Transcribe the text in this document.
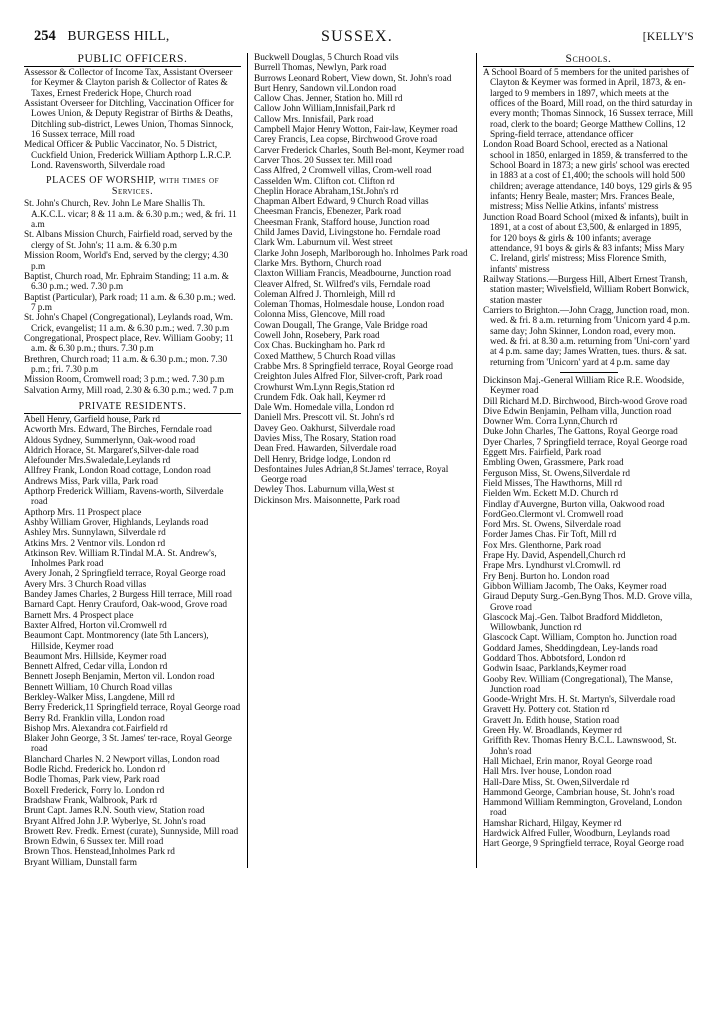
254 BURGESS HILL,	SUSSEX.	[KELLY'S
PUBLIC OFFICERS.

Assessor & Collector of Income Tax, Assistant Overseer for Keymer & Clayton parish & Collector of Rates & Taxes, Ernest Frederick Hope, Church road

Assistant Overseer for Ditchling, Vaccination Officer for Lowes Union, & Deputy Registrar of Births & Deaths, Ditchling sub-district, Lewes Union, Thomas Sinnock, 16 Sussex terrace, Mill road

Medical Officer & Public Vaccinator, No. 5 District, Cuckfield Union, Frederick William Apthorp L.R.C.P. Lond. Ravensworth, Silverdale road

PLACES OF WORSHIP, with times of Services.

St. John's Church, Rev. John Le Mare Shallis Th. A.K.C.L. vicar; 8 & 11 a.m. & 6.30 p.m.; wed, & fri. 11 a.m

St. Albans Mission Church, Fairfield road, served by the clergy of St. John's; 11 a.m. & 6.30 p.m

Mission Room, World's End, served by the clergy; 4.30 p.m

Baptist, Church road, Mr. Ephraim Standing; 11 a.m. & 6.30 p.m.; wed. 7.30 p.m

Baptist (Particular), Park road; 11 a.m. & 6.30 p.m.; wed. 7 p.m

St. John's Chapel (Congregational), Leylands road, Wm. Crick, evangelist; 11 a.m. & 6.30 p.m.; wed. 7.30 p.m

Congregational, Prospect place, Rev. William Gooby; 11 a.m. & 6.30 p.m.; thurs. 7.30 p.m

Brethren, Church road; 11 a.m. & 6.30 p.m.; mon. 7.30 p.m.; fri. 7.30 p.m

Mission Room, Cromwell road; 3 p.m.; wed. 7.30 p.m

Salvation Army, Mill road, 2.30 & 6.30 p.m.; wed. 7 p.m

PRIVATE RESIDENTS.

Abell Henry, Garfield house, Park rd

Acworth Mrs. Edward, The Birches, Ferndale road

Aldous Sydney, Summerlynn, Oak-wood road

Aldrich Horace, St. Margaret's,Silver-dale road

Alefounder Mrs.Swaledale,Leylands rd

Allfrey Frank, London Road cottage, London road

Andrews Miss, Park villa, Park road

Apthorp Frederick William, Ravens-worth, Silverdale road

Apthorp Mrs. 11 Prospect place

Ashby William Grover, Highlands, Leylands road

Ashley Mrs. Sunnylawn, Silverdale rd

Atkins Mrs. 2 Ventnor vils. London rd

Atkinson Rev. William R.Tindal M.A. St. Andrew's, Inholmes Park road

Avery Jonah, 2 Springfield terrace, Royal George road

Avery Mrs. 3 Church Road villas

Bandey James Charles, 2 Burgess Hill terrace, Mill road

Barnard Capt. Henry Crauford, Oak-wood, Grove road

Barnett Mrs. 4 Prospect place

Baxter Alfred, Horton vil.Cromwell rd

Beaumont Capt. Montmorency (late 5th Lancers), Hillside, Keymer road

Beaumont Mrs. Hillside, Keymer road

Bennett Alfred, Cedar villa, London rd

Bennett Joseph Benjamin, Merton vil. London road

Bennett William, 10 Church Road villas

Berkley-Walker Miss, Langdene, Mill rd

Berry Frederick,11 Springfield terrace, Royal George road

Berry Rd. Franklin villa, London road

Bishop Mrs. Alexandra cot.Fairfield rd

Blaker John George, 3 St. James' ter-race, Royal George road

Blanchard Charles N. 2 Newport villas, London road

Bodle Richd. Frederick ho. London rd

Bodle Thomas, Park view, Park road

Boxell Frederick, Forry lo. London rd

Bradshaw Frank, Walbrook, Park rd

Brunt Capt. James R.N. South view, Station road

Bryant Alfred John J.P. Wyberlye, St. John's road

Browett Rev. Fredk. Ernest (curate), Sunnyside, Mill road

Brown Edwin, 6 Sussex ter. Mill road

Brown Thos. Henstead,Inholmes Park rd

Bryant William, Dunstall farm

Buckwell Douglas, 5 Church Road vils

Burrell Thomas, Newlyn, Park road

Burrows Leonard Robert, View down, St. John's road

Burt Henry, Sandown vil.London road

Callow Chas. Jenner, Station ho. Mill rd

Callow John William,Innisfail,Park rd

Callow Mrs. Innisfail, Park road

Campbell Major Henry Wotton, Fair-law, Keymer road

Carey Francis, Lea copse, Birchwood Grove road

Carver Frederick Charles, South Bel-mont, Keymer road

Carver Thos. 20 Sussex ter. Mill road

Cass Alfred, 2 Cromwell villas, Crom-well road

Casselden Wm. Clifton cot. Clifton rd

Cheplin Horace Abraham,1St.John's rd

Chapman Albert Edward, 9 Church Road villas

Cheesman Francis, Ebenezer, Park road

Cheesman Frank, Stafford house, Junction road

Child James David, Livingstone ho. Ferndale road

Clark Wm. Laburnum vil. West street

Clarke John Joseph, Marlborough ho. Inholmes Park road

Clarke Mrs. Bythorn, Church road

Claxton William Francis, Meadbourne, Junction road

Cleaver Alfred, St. Wilfred's vils, Ferndale road

Coleman Alfred J. Thornleigh, Mill rd

Coleman Thomas, Holmesdale house, London road

Colonna Miss, Glencove, Mill road

Cowan Dougall, The Grange, Vale Bridge road

Cowell John, Rosebery, Park road

Cox Chas. Buckingham ho. Park rd

Coxed Matthew, 5 Church Road villas

Crabbe Mrs. 8 Springfield terrace, Royal George road

Creighton Jules Alfred Flor, Silver-croft, Park road

Crowhurst Wm.Lynn Regis,Station rd

Crundem Fdk. Oak hall, Keymer rd

Dale Wm. Homedale villa, London rd

Daniell Mrs. Prescott vil. St. John's rd

Davey Geo. Oakhurst, Silverdale road

Davies Miss, The Rosary, Station road

Dean Fred. Hawarden, Silverdale road

Dell Henry, Bridge lodge, London rd

Desfontaines Jules Adrian,8 St.James' terrace, Royal George road

Dewley Thos. Laburnum villa,West st

Dickinson Mrs. Maisonnette, Park road

Schools.

A School Board of 5 members for the united parishes of Clayton & Keymer was formed in April, 1873, & en-larged to 9 members in 1897, which meets at the offices of the Board, Mill road, on the third saturday in every month; Thomas Sinnock, 16 Sussex terrace, Mill road, clerk to the board; George Matthew Collins, 12 Spring-field terrace, attendance officer

London Road Board School, erected as a National school in 1850, enlarged in 1859, & transferred to the School Board in 1873; a new girls' school was erected in 1883 at a cost of £1,400; the schools will hold 500 children; average attendance, 140 boys, 129 girls & 95 infants; Henry Beale, master; Mrs. Frances Beale, mistress; Miss Nellie Atkins, infants' mistress

Junction Road Board School (mixed & infants), built in 1891, at a cost of about £3,500, & enlarged in 1895, for 120 boys & girls & 100 infants; average attendance, 91 boys & girls & 83 infants; Miss Mary C. Ireland, girls' mistress; Miss Florence Smith, infants' mistress

Railway Stations.—Burgess Hill, Albert Ernest Transh, station master; Wivelsfield, William Robert Bonwick, station master

Carriers to Brighton.—John Cragg, Junction road, mon. wed. & fri. 8 a.m. returning from 'Unicorn yard 4 p.m. same day; John Skinner, London road, every mon. wed. & fri. at 8.30 a.m. returning from 'Uni-corn' yard at 4 p.m. same day; James Wratten, tues. thurs. & sat. returning from 'Unicorn' yard at 4 p.m. same day

Dickinson Maj.-General William Rice R.E. Woodside, Keymer road

Dill Richard M.D. Birchwood, Birch-wood Grove road

Dive Edwin Benjamin, Pelham villa, Junction road

Downer Wm. Corra Lynn,Church rd

Duke John Charles, The Gattons, Royal George road

Dyer Charles, 7 Springfield terrace, Royal George road

Eggett Mrs. Fairfield, Park road

Embling Owen, Grassmere, Park road

Ferguson Miss, St. Owens,Silverdale rd

Field Misses, The Hawthorns, Mill rd

Fielden Wm. Eckett M.D. Church rd

Findlay d'Auvergne, Burton villa, Oakwood road

FordGeo.Clermont vl. Cromwell road

Ford Mrs. St. Owens, Silverdale road

Forder James Chas. Fir Toft, Mill rd

Fox Mrs. Glenthorne, Park road

Frape Hy. David, Aspendell,Church rd

Frape Mrs. Lyndhurst vl.Cromwll. rd

Fry Benj. Burton ho. London road

Gibbon William Jacomb, The Oaks, Keymer road

Giraud Deputy Surg.-Gen.Byng Thos. M.D. Grove villa, Grove road

Glascock Maj.-Gen. Talbot Bradford Middleton, Willowbank, Junction rd

Glascock Capt. William, Compton ho. Junction road

Goddard James, Sheddingdean, Ley-lands road

Goddard Thos. Abbotsford, London rd

Godwin Isaac, Parklands,Keymer road

Gooby Rev. William (Congregational), The Manse, Junction road

Goode-Wright Mrs. H. St. Martyn's, Silverdale road

Gravett Hy. Pottery cot. Station rd

Gravett Jn. Edith house, Station road

Green Hy. W. Broadlands, Keymer rd

Griffith Rev. Thomas Henry B.C.L. Lawnswood, St. John's road

Hall Michael, Erin manor, Royal George road

Hall Mrs. Iver house, London road

Hall-Dare Miss, St. Owen,Silverdale rd

Hammond George, Cambrian house, St. John's road

Hammond William Remmington, Groveland, London road

Hamshar Richard, Hilgay, Keymer rd

Hardwick Alfred Fuller, Woodburn, Leylands road

Hart George, 9 Springfield terrace, Royal George road
